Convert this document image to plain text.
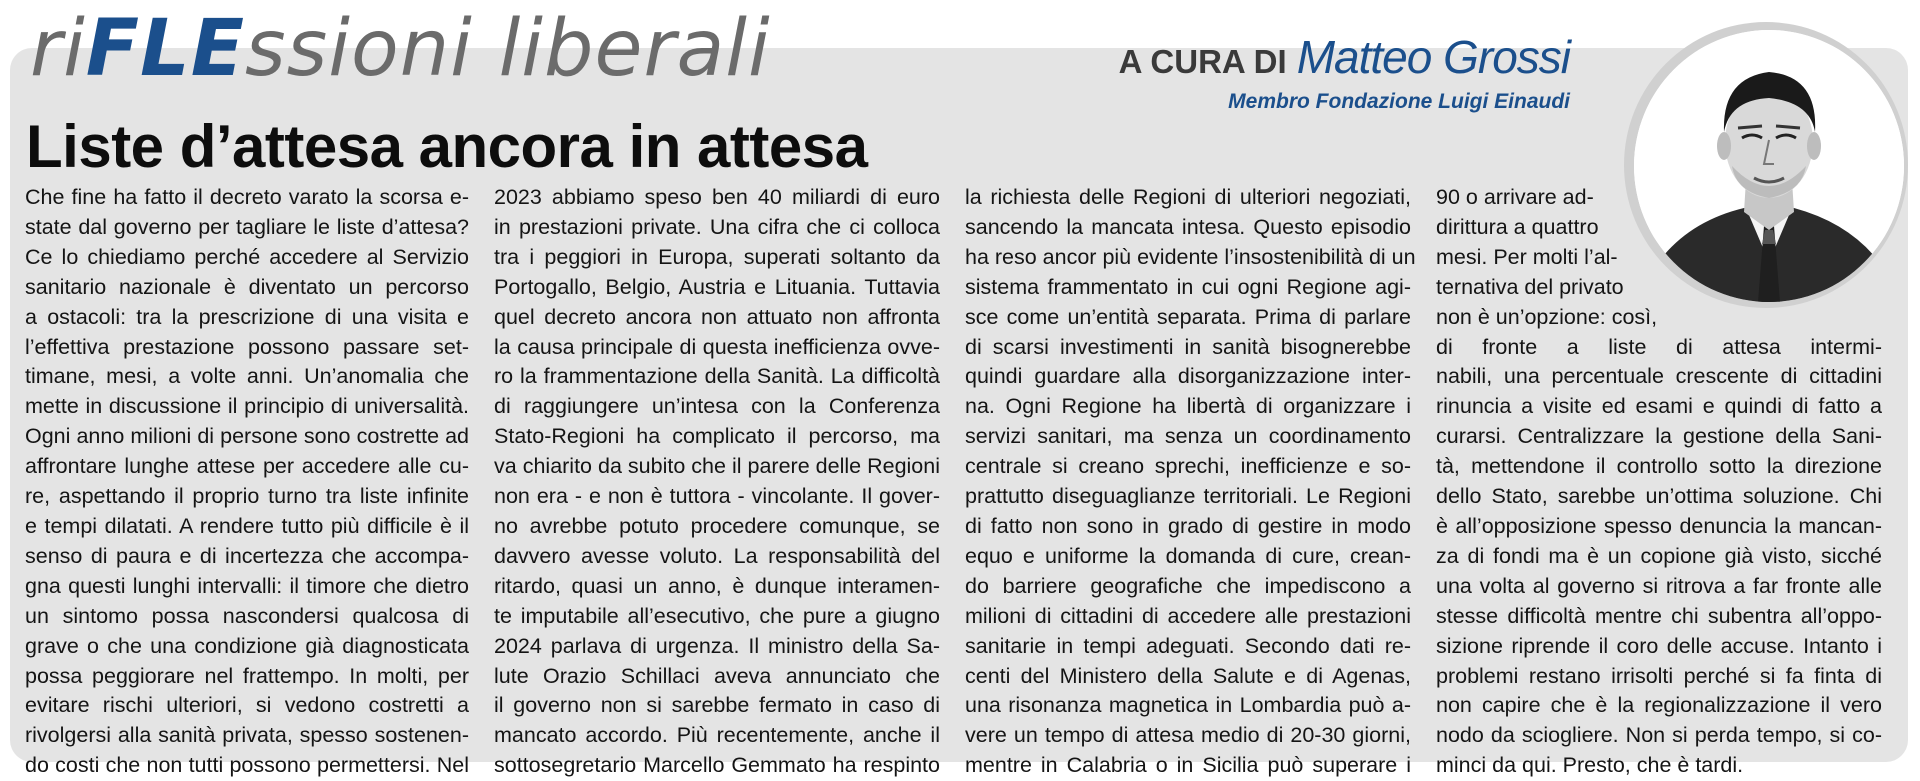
riFLEssioni liberali	A CURA DI Matteo Grossi
Membro Fondazione Luigi Einaudi
Liste d’attesa ancora in attesa

Che fine ha fatto il decreto varato la scorsa e-

state dal governo per tagliare le liste d’attesa?

Ce lo chiediamo perché accedere al Servizio

sanitario nazionale è diventato un percorso

a ostacoli: tra la prescrizione di una visita e

l’effettiva prestazione possono passare set-

timane, mesi, a volte anni. Un’anomalia che

mette in discussione il principio di universalità.

Ogni anno milioni di persone sono costrette ad

affrontare lunghe attese per accedere alle cu-

re, aspettando il proprio turno tra liste infinite

e tempi dilatati. A rendere tutto più difficile è il

senso di paura e di incertezza che accompa-

gna questi lunghi intervalli: il timore che dietro

un sintomo possa nascondersi qualcosa di

grave o che una condizione già diagnosticata

possa peggiorare nel frattempo. In molti, per

evitare rischi ulteriori, si vedono costretti a

rivolgersi alla sanità privata, spesso sostenen-

do costi che non tutti possono permettersi. Nel

2023 abbiamo speso ben 40 miliardi di euro

in prestazioni private. Una cifra che ci colloca

tra i peggiori in Europa, superati soltanto da

Portogallo, Belgio, Austria e Lituania. Tuttavia

quel decreto ancora non attuato non affronta

la causa principale di questa inefficienza ovve-

ro la frammentazione della Sanità. La difficoltà

di raggiungere un’intesa con la Conferenza

Stato-Regioni ha complicato il percorso, ma

va chiarito da subito che il parere delle Regioni

non era - e non è tuttora - vincolante. Il gover-

no avrebbe potuto procedere comunque, se

davvero avesse voluto. La responsabilità del

ritardo, quasi un anno, è dunque interamen-

te imputabile all’esecutivo, che pure a giugno

2024 parlava di urgenza. Il ministro della Sa-

lute Orazio Schillaci aveva annunciato che

il governo non si sarebbe fermato in caso di

mancato accordo. Più recentemente, anche il

sottosegretario Marcello Gemmato ha respinto

la richiesta delle Regioni di ulteriori negoziati,

sancendo la mancata intesa. Questo episodio

ha reso ancor più evidente l’insostenibilità di un

sistema frammentato in cui ogni Regione agi-

sce come un’entità separata. Prima di parlare

di scarsi investimenti in sanità bisognerebbe

quindi guardare alla disorganizzazione inter-

na. Ogni Regione ha libertà di organizzare i

servizi sanitari, ma senza un coordinamento

centrale si creano sprechi, inefficienze e so-

prattutto diseguaglianze territoriali. Le Regioni

di fatto non sono in grado di gestire in modo

equo e uniforme la domanda di cure, crean-

do barriere geografiche che impediscono a

milioni di cittadini di accedere alle prestazioni

sanitarie in tempi adeguati. Secondo dati re-

centi del Ministero della Salute e di Agenas,

una risonanza magnetica in Lombardia può a-

vere un tempo di attesa medio di 20-30 giorni,

mentre in Calabria o in Sicilia può superare i

90 o arrivare ad-

dirittura a quattro

mesi. Per molti l’al-

ternativa del privato

non è un’opzione: così,

di fronte a liste di attesa intermi-

nabili, una percentuale crescente di cittadini

rinuncia a visite ed esami e quindi di fatto a

curarsi. Centralizzare la gestione della Sani-

tà, mettendone il controllo sotto la direzione

dello Stato, sarebbe un’ottima soluzione. Chi

è all’opposizione spesso denuncia la mancan-

za di fondi ma è un copione già visto, sicché

una volta al governo si ritrova a far fronte alle

stesse difficoltà mentre chi subentra all’oppo-

sizione riprende il coro delle accuse. Intanto i

problemi restano irrisolti perché si fa finta di

non capire che è la regionalizzazione il vero

nodo da sciogliere. Non si perda tempo, si co-

minci da qui. Presto, che è tardi.
